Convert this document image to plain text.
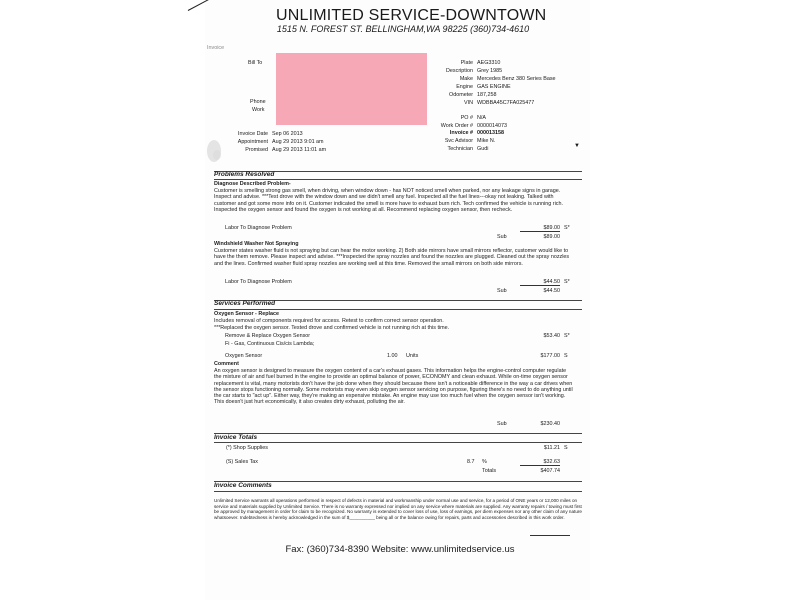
UNLIMITED SERVICE-DOWNTOWN
1515 N. FOREST ST. BELLINGHAM,WA 98225 (360)734-4610
Invoice
Bill To
Phone
Work
Plate AEG3310
Description Grey 1985
Make Mercedes Benz 380 Series Base
Engine GAS ENGINE
Odometer 187,258
VIN WDBBA45C7FA025477
PO # N/A
Work Order # 0000014073
Invoice # 000013158
Svc Advisor Mike N.
Technician Gudi
Invoice Date Sep 06 2013
Appointment Aug 29 2013 9:01 am
Promised Aug 29 2013 11:01 am
▼
Problems Resolved
Diagnose Described Problem-
Customer is smelling strong gas smell, when driving, when window down - has NOT noticed smell when parked, nor any leakage signs in garage. Inspect and advise. ***Test drove with the window down and we didn't smell any fuel. Inspected all the fuel lines---okay not leaking. Talked with customer and got some more info on it. Customer indicated the smell is more have to exhaust burn rich. Tech confirmed the vehicle is running rich. Inspected the oxygen sensor and found the oxygen is not working at all. Recommend replacing oxygen sensor, then recheck.
Labor To Diagnose Problem	$89.00 S*
Sub	$89.00
Windshield Washer Not Spraying
Customer states washer fluid is not spraying but can hear the motor working. 2) Both side mirrors have small mirrors reflector, customer would like to have the them remove. Please inspect and advise. ***Inspected the spray nozzles and found the nozzles are plugged. Cleaned out the spray nozzles and the lines. Confirmed washer fluid spray nozzles are working well at this time. Removed the small mirrors on both side mirrors.
Labor To Diagnose Problem	$44.50 S*
Sub	$44.50
Services Performed
Oxygen Sensor - Replace
Includes removal of components required for access. Retest to confirm correct sensor operation.
***Replaced the oxygen sensor. Tested drove and confirmed vehicle is not running rich at this time.
Remove & Replace Oxygen Sensor	$53.40 S*
Fi - Gas, Continuous Cis/cis Lambda;
Oxygen Sensor	1.00 Units	$177.00 S
Comment
An oxygen sensor is designed to measure the oxygen content of a car's exhaust gases. This information helps the engine-control computer regulate the mixture of air and fuel burned in the engine to provide an optimal balance of power, ECONOMY and clean exhaust. While on-time oxygen sensor replacement is vital, many motorists don't have the job done when they should because there isn't a noticeable difference in the way a car drives when the sensor stops functioning normally. Some motorists may even skip oxygen sensor servicing on purpose, figuring there's no need to do anything until the car starts to "act up". Either way, they're making an expensive mistake. An engine may use too much fuel when the oxygen sensor isn't working. This doesn't just hurt economically, it also creates dirty exhaust, polluting the air.
Sub	$230.40
Invoice Totals
(*) Shop Supplies	$11.21 S
(S) Sales Tax	8.7 %	$32.63
Totals	$407.74
Invoice Comments
Unlimited Service warrants all operations performed in respect of defects in material and workmanship under normal use and service, for a period of ONE years or 12,000 miles on service and materials supplied by Unlimited Service. There is no warranty expressed nor implied on any service where materials are supplied. Any warranty repairs / towing must first be approved by management in order for claim to be recognized. No warranty is extended to cover loss of use, loss of earnings, per diem expenses nor any other claim of any nature whatsoever. Indebtedness is hereby acknowledged in the sum of $__________ being all or the balance owing for repairs, parts and accessories described in this work order.
Fax: (360)734-8390 Website: www.unlimitedservice.us
